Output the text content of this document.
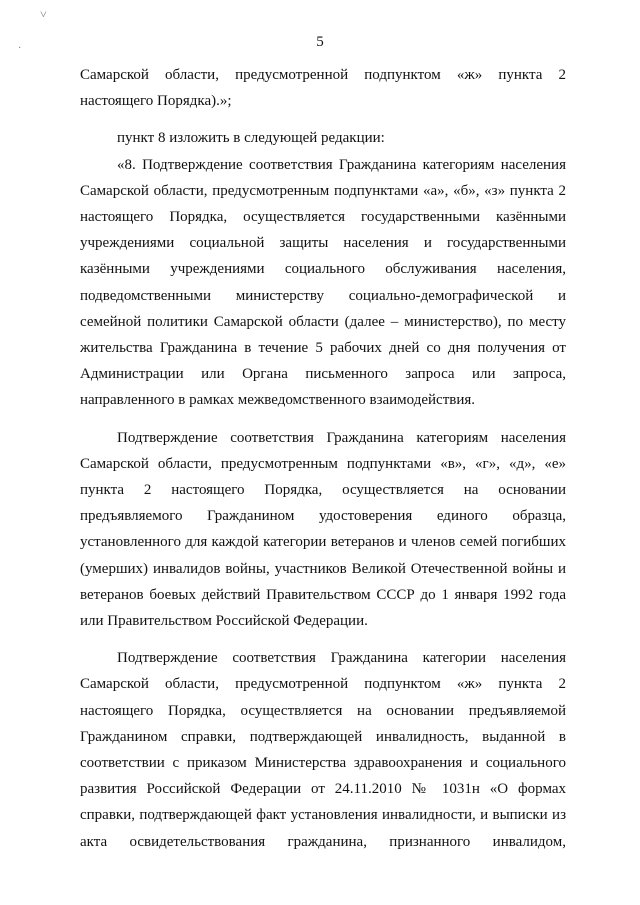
˅
·	5

Самарской области, предусмотренной подпунктом «ж» пункта 2 настоящего Порядка).»;

пункт 8 изложить в следующей редакции:

«8. Подтверждение соответствия Гражданина категориям населения Самарской области, предусмотренным подпунктами «а», «б», «з» пункта 2 настоящего Порядка, осуществляется государственными казёнными учреждениями социальной защиты населения и государственными казёнными учреждениями социального обслуживания населения, подведомственными министерству социально-демографической и семейной политики Самарской области (далее – министерство), по месту жительства Гражданина в течение 5 рабочих дней со дня получения от Администрации или Органа письменного запроса или запроса, направленного в рамках межведомственного взаимодействия.

Подтверждение соответствия Гражданина категориям населения Самарской области, предусмотренным подпунктами «в», «г», «д», «е» пункта 2 настоящего Порядка, осуществляется на основании предъявляемого Гражданином удостоверения единого образца, установленного для каждой категории ветеранов и членов семей погибших (умерших) инвалидов войны, участников Великой Отечественной войны и ветеранов боевых действий Правительством СССР до 1 января 1992 года или Правительством Российской Федерации.

Подтверждение соответствия Гражданина категории населения Самарской области, предусмотренной подпунктом «ж» пункта 2 настоящего Порядка, осуществляется на основании предъявляемой Гражданином справки, подтверждающей инвалидность, выданной в соответствии с приказом Министерства здравоохранения и социального развития Российской Федерации от 24.11.2010 № 1031н «О формах справки, подтверждающей факт установления инвалидности, и выписки из акта освидетельствования гражданина, признанного инвалидом,
